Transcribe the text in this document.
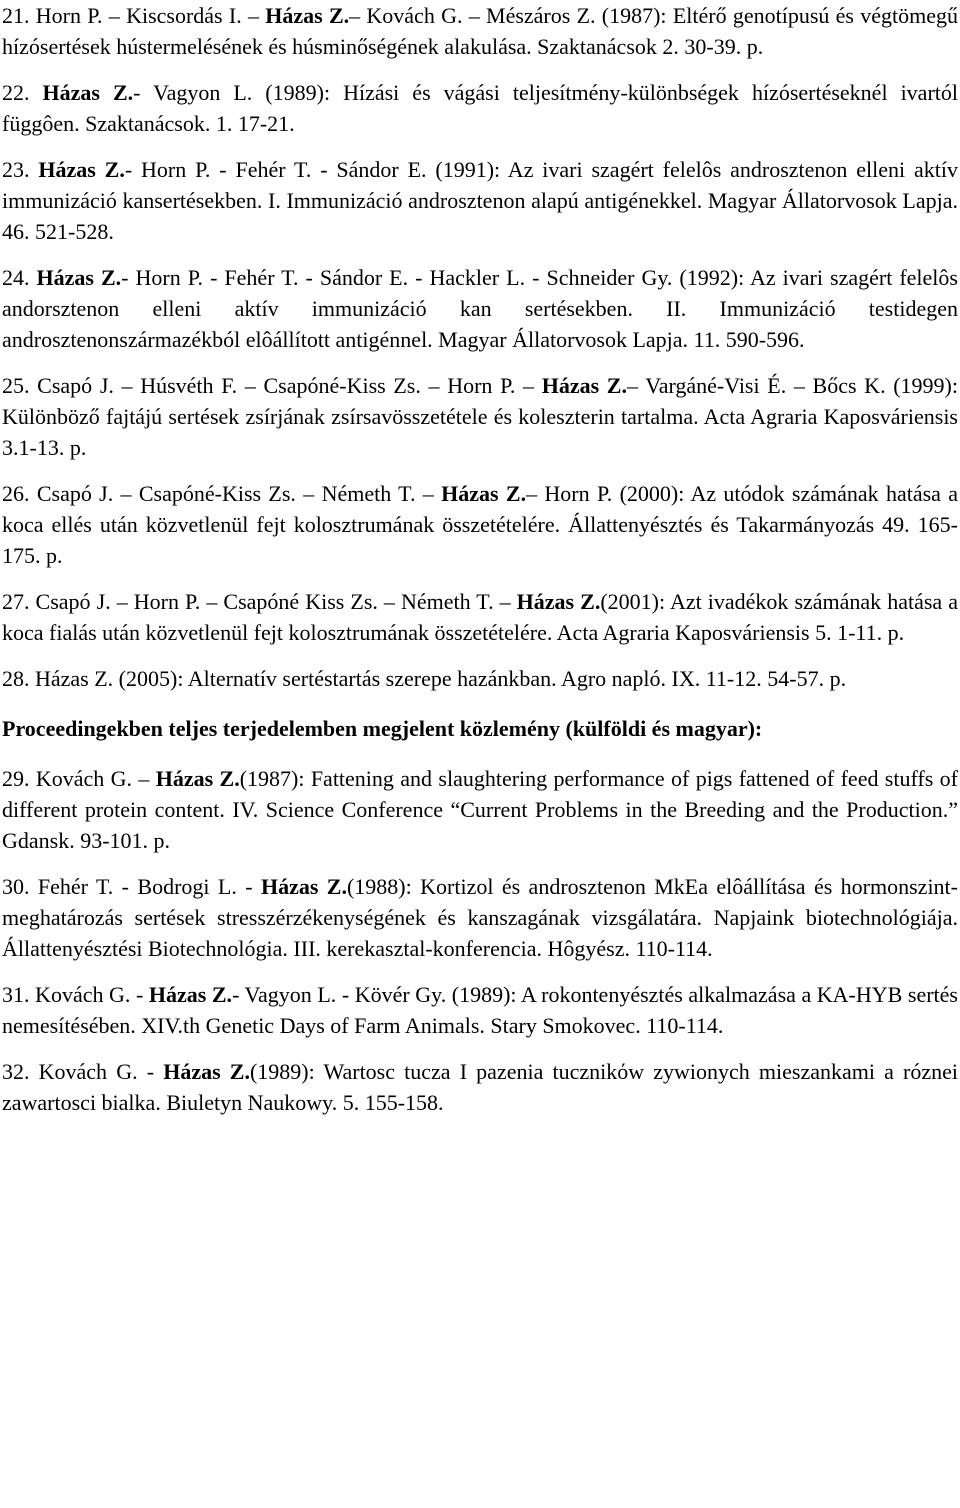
21. Horn P. – Kiscsordás I. – Házas Z.– Kovách G. – Mészáros Z. (1987): Eltérő genotípusú és végtömegű hízósertések hústermelésének és húsminőségének alakulása. Szaktanácsok 2. 30-39. p.

22. Házas Z.- Vagyon L. (1989): Hízási és vágási teljesítmény-különbségek hízósertéseknél ivartól függôen. Szaktanácsok. 1. 17-21.

23. Házas Z.- Horn P. - Fehér T. - Sándor E. (1991): Az ivari szagért felelôs androsztenon elleni aktív immunizáció kansertésekben. I. Immunizáció androsztenon alapú antigénekkel. Magyar Állatorvosok Lapja. 46. 521-528.

24. Házas Z.- Horn P. - Fehér T. - Sándor E. - Hackler L. - Schneider Gy. (1992): Az ivari szagért felelôs andorsztenon elleni aktív immunizáció kan sertésekben. II. Immunizáció testidegen androsztenonszármazékból elôállított antigénnel. Magyar Állatorvosok Lapja. 11. 590-596.

25. Csapó J. – Húsvéth F. – Csapóné-Kiss Zs. – Horn P. – Házas Z.– Vargáné-Visi É. – Bőcs K. (1999): Különböző fajtájú sertések zsírjának zsírsavösszetétele és koleszterin tartalma. Acta Agraria Kaposváriensis 3.1-13. p.

26. Csapó J. – Csapóné-Kiss Zs. – Németh T. – Házas Z.– Horn P. (2000): Az utódok számának hatása a koca ellés után közvetlenül fejt kolosztrumának összetételére. Állattenyésztés és Takarmányozás 49. 165-175. p.

27. Csapó J. – Horn P. – Csapóné Kiss Zs. – Németh T. – Házas Z.(2001): Azt ivadékok számának hatása a koca fialás után közvetlenül fejt kolosztrumának összetételére. Acta Agraria Kaposváriensis 5. 1-11. p.

28. Házas Z. (2005): Alternatív sertéstartás szerepe hazánkban. Agro napló. IX. 11-12. 54-57. p.

Proceedingekben teljes terjedelemben megjelent közlemény (külföldi és magyar):

29. Kovách G. – Házas Z.(1987): Fattening and slaughtering performance of pigs fattened of feed stuffs of different protein content. IV. Science Conference “Current Problems in the Breeding and the Production.” Gdansk. 93-101. p.

30. Fehér T. - Bodrogi L. - Házas Z.(1988): Kortizol és androsztenon MkEa elôállítása és hormonszint-meghatározás sertések stresszérzékenységének és kanszagának vizsgálatára. Napjaink biotechnológiája. Állattenyésztési Biotechnológia. III. kerekasztal-konferencia. Hôgyész. 110-114.

31. Kovách G. - Házas Z.- Vagyon L. - Kövér Gy. (1989): A rokontenyésztés alkalmazása a KA-HYB sertés nemesítésében. XIV.th Genetic Days of Farm Animals. Stary Smokovec. 110-114.

32. Kovách G. - Házas Z.(1989): Wartosc tucza I pazenia tucznikόw zywionych mieszankami a róznei zawartosci bialka. Biuletyn Naukowy. 5. 155-158.
